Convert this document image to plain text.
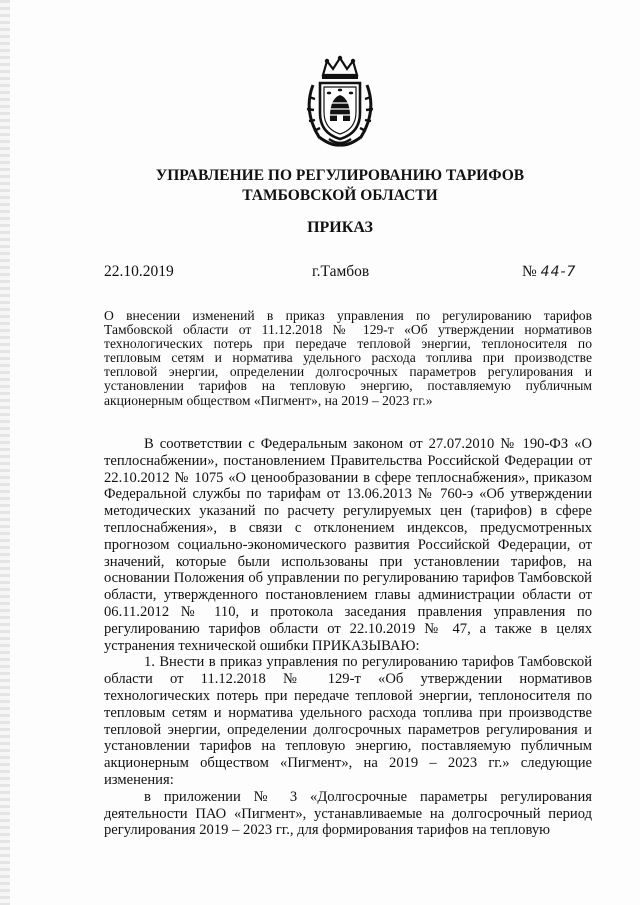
УПРАВЛЕНИЕ ПО РЕГУЛИРОВАНИЮ ТАРИФОВ
ТАМБОВСКОЙ ОБЛАСТИ
ПРИКАЗ
22.10.2019	г.Тамбов	№ 44-7
О внесении изменений в приказ управления по регулированию тарифов Тамбовской области от 11.12.2018 № 129-т «Об утверждении нормативов технологических потерь при передаче тепловой энергии, теплоносителя по тепловым сетям и норматива удельного расхода топлива при производстве тепловой энергии, определении долгосрочных параметров регулирования и установлении тарифов на тепловую энергию, поставляемую публичным акционерным обществом «Пигмент», на 2019 – 2023 гг.»

В соответствии с Федеральным законом от 27.07.2010 № 190-ФЗ «О теплоснабжении», постановлением Правительства Российской Федерации от 22.10.2012 № 1075 «О ценообразовании в сфере теплоснабжения», приказом Федеральной службы по тарифам от 13.06.2013 № 760-э «Об утверждении методических указаний по расчету регулируемых цен (тарифов) в сфере теплоснабжения», в связи с отклонением индексов, предусмотренных прогнозом социально-экономического развития Российской Федерации, от значений, которые были использованы при установлении тарифов, на основании Положения об управлении по регулированию тарифов Тамбовской области, утвержденного постановлением главы администрации области от 06.11.2012 № 110, и протокола заседания правления управления по регулированию тарифов области от 22.10.2019 № 47, а также в целях устранения технической ошибки ПРИКАЗЫВАЮ:

1. Внести в приказ управления по регулированию тарифов Тамбовской области от 11.12.2018 № 129-т «Об утверждении нормативов технологических потерь при передаче тепловой энергии, теплоносителя по тепловым сетям и норматива удельного расхода топлива при производстве тепловой энергии, определении долгосрочных параметров регулирования и установлении тарифов на тепловую энергию, поставляемую публичным акционерным обществом «Пигмент», на 2019 – 2023 гг.» следующие изменения:

в приложении № 3 «Долгосрочные параметры регулирования деятельности ПАО «Пигмент», устанавливаемые на долгосрочный период регулирования 2019 – 2023 гг., для формирования тарифов на тепловую
